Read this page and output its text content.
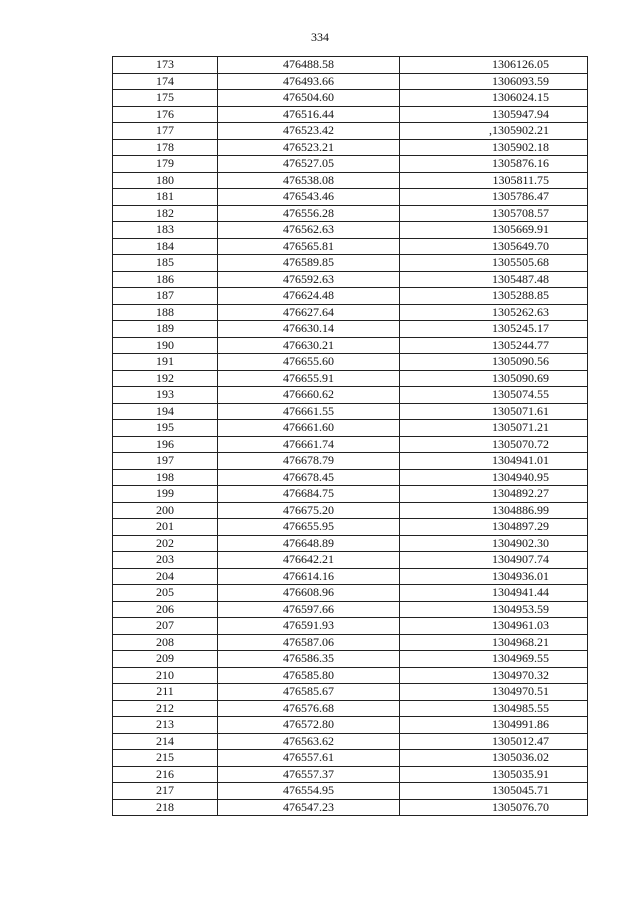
334
173	476488.58	1306126.05
174	476493.66	1306093.59
175	476504.60	1306024.15
176	476516.44	1305947.94
177	476523.42	,1305902.21
178	476523.21	1305902.18
179	476527.05	1305876.16
180	476538.08	1305811.75
181	476543.46	1305786.47
182	476556.28	1305708.57
183	476562.63	1305669.91
184	476565.81	1305649.70
185	476589.85	1305505.68
186	476592.63	1305487.48
187	476624.48	1305288.85
188	476627.64	1305262.63
189	476630.14	1305245.17
190	476630.21	1305244.77
191	476655.60	1305090.56
192	476655.91	1305090.69
193	476660.62	1305074.55
194	476661.55	1305071.61
195	476661.60	1305071.21
196	476661.74	1305070.72
197	476678.79	1304941.01
198	476678.45	1304940.95
199	476684.75	1304892.27
200	476675.20	1304886.99
201	476655.95	1304897.29
202	476648.89	1304902.30
203	476642.21	1304907.74
204	476614.16	1304936.01
205	476608.96	1304941.44
206	476597.66	1304953.59
207	476591.93	1304961.03
208	476587.06	1304968.21
209	476586.35	1304969.55
210	476585.80	1304970.32
211	476585.67	1304970.51
212	476576.68	1304985.55
213	476572.80	1304991.86
214	476563.62	1305012.47
215	476557.61	1305036.02
216	476557.37	1305035.91
217	476554.95	1305045.71
218	476547.23	1305076.70
